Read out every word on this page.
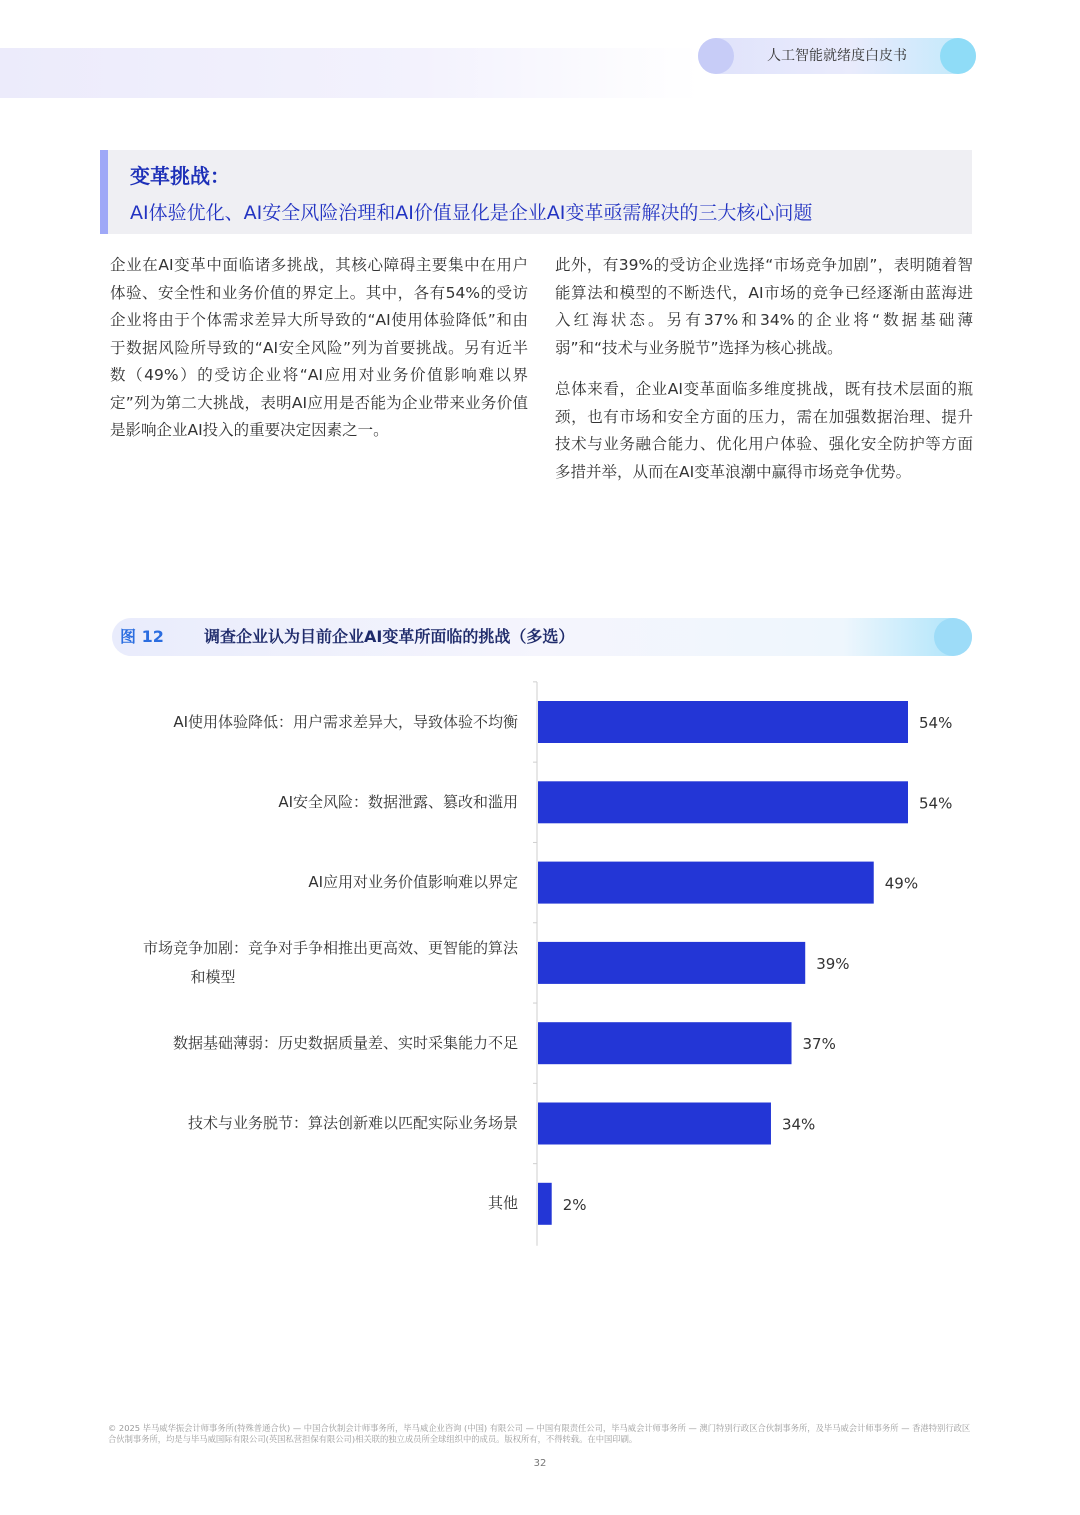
人工智能就绪度白皮书
变革挑战：
AI体验优化、AI安全风险治理和AI价值显化是企业AI变革亟需解决的三大核心问题

企业在AI变革中面临诸多挑战，其核心障碍主要集中在用户体验、安全性和业务价值的界定上。其中，各有54%的受访企业将由于个体需求差异大所导致的“AI使用体验降低”和由于数据风险所导致的“AI安全风险”列为首要挑战。另有近半数（49%）的受访企业将“AI应用对业务价值影响难以界定”列为第二大挑战，表明AI应用是否能为企业带来业务价值是影响企业AI投入的重要决定因素之一。

此外，有39%的受访企业选择“市场竞争加剧”，表明随着智能算法和模型的不断迭代，AI市场的竞争已经逐渐由蓝海进入红海状态。另有37%和34%的企业将“数据基础薄弱”和“技术与业务脱节”选择为核心挑战。

总体来看，企业AI变革面临多维度挑战，既有技术层面的瓶颈，也有市场和安全方面的压力，需在加强数据治理、提升技术与业务融合能力、优化用户体验、强化安全防护等方面多措并举，从而在AI变革浪潮中赢得市场竞争优势。

图 12	调查企业认为目前企业AI变革所面临的挑战（多选）
54%
54%
49%
39%
37%
34%
2%
AI使用体验降低：用户需求差异大，导致体验不均衡
AI安全风险：数据泄露、篡改和滥用
AI应用对业务价值影响难以界定
市场竞争加剧：竞争对手争相推出更高效、更智能的算法
和模型
数据基础薄弱：历史数据质量差、实时采集能力不足
技术与业务脱节：算法创新难以匹配实际业务场景
其他
© 2025 毕马威华振会计师事务所(特殊普通合伙) — 中国合伙制会计师事务所，毕马威企业咨询 (中国) 有限公司 — 中国有限责任公司，毕马威会计师事务所 — 澳门特别行政区合伙制事务所，及毕马威会计师事务所 — 香港特别行政区合伙制事务所，均是与毕马威国际有限公司(英国私营担保有限公司)相关联的独立成员所全球组织中的成员。版权所有，不得转载。在中国印刷。
32
